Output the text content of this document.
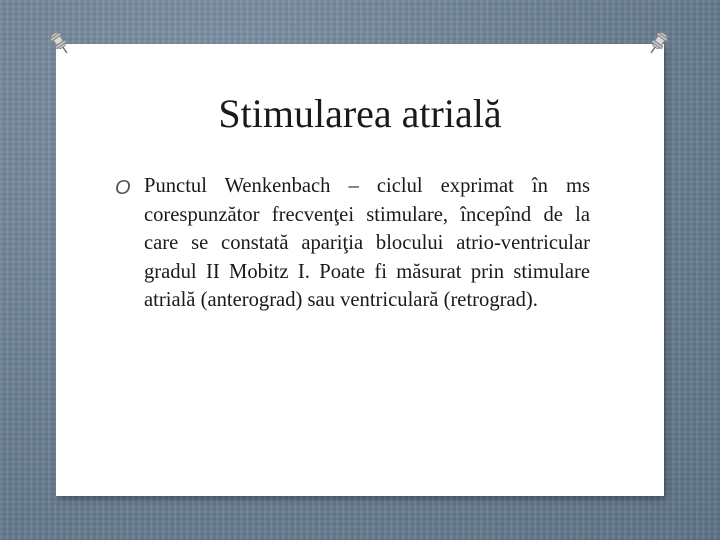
Stimularea atrială
O Punctul Wenkenbach – ciclul exprimat în ms corespunzător frecvenţei stimulare, începînd de la care se constată apariţia blocului atrio-ventricular gradul II Mobitz I. Poate fi măsurat prin stimulare atrială (anterograd) sau ventriculară (retrograd).
